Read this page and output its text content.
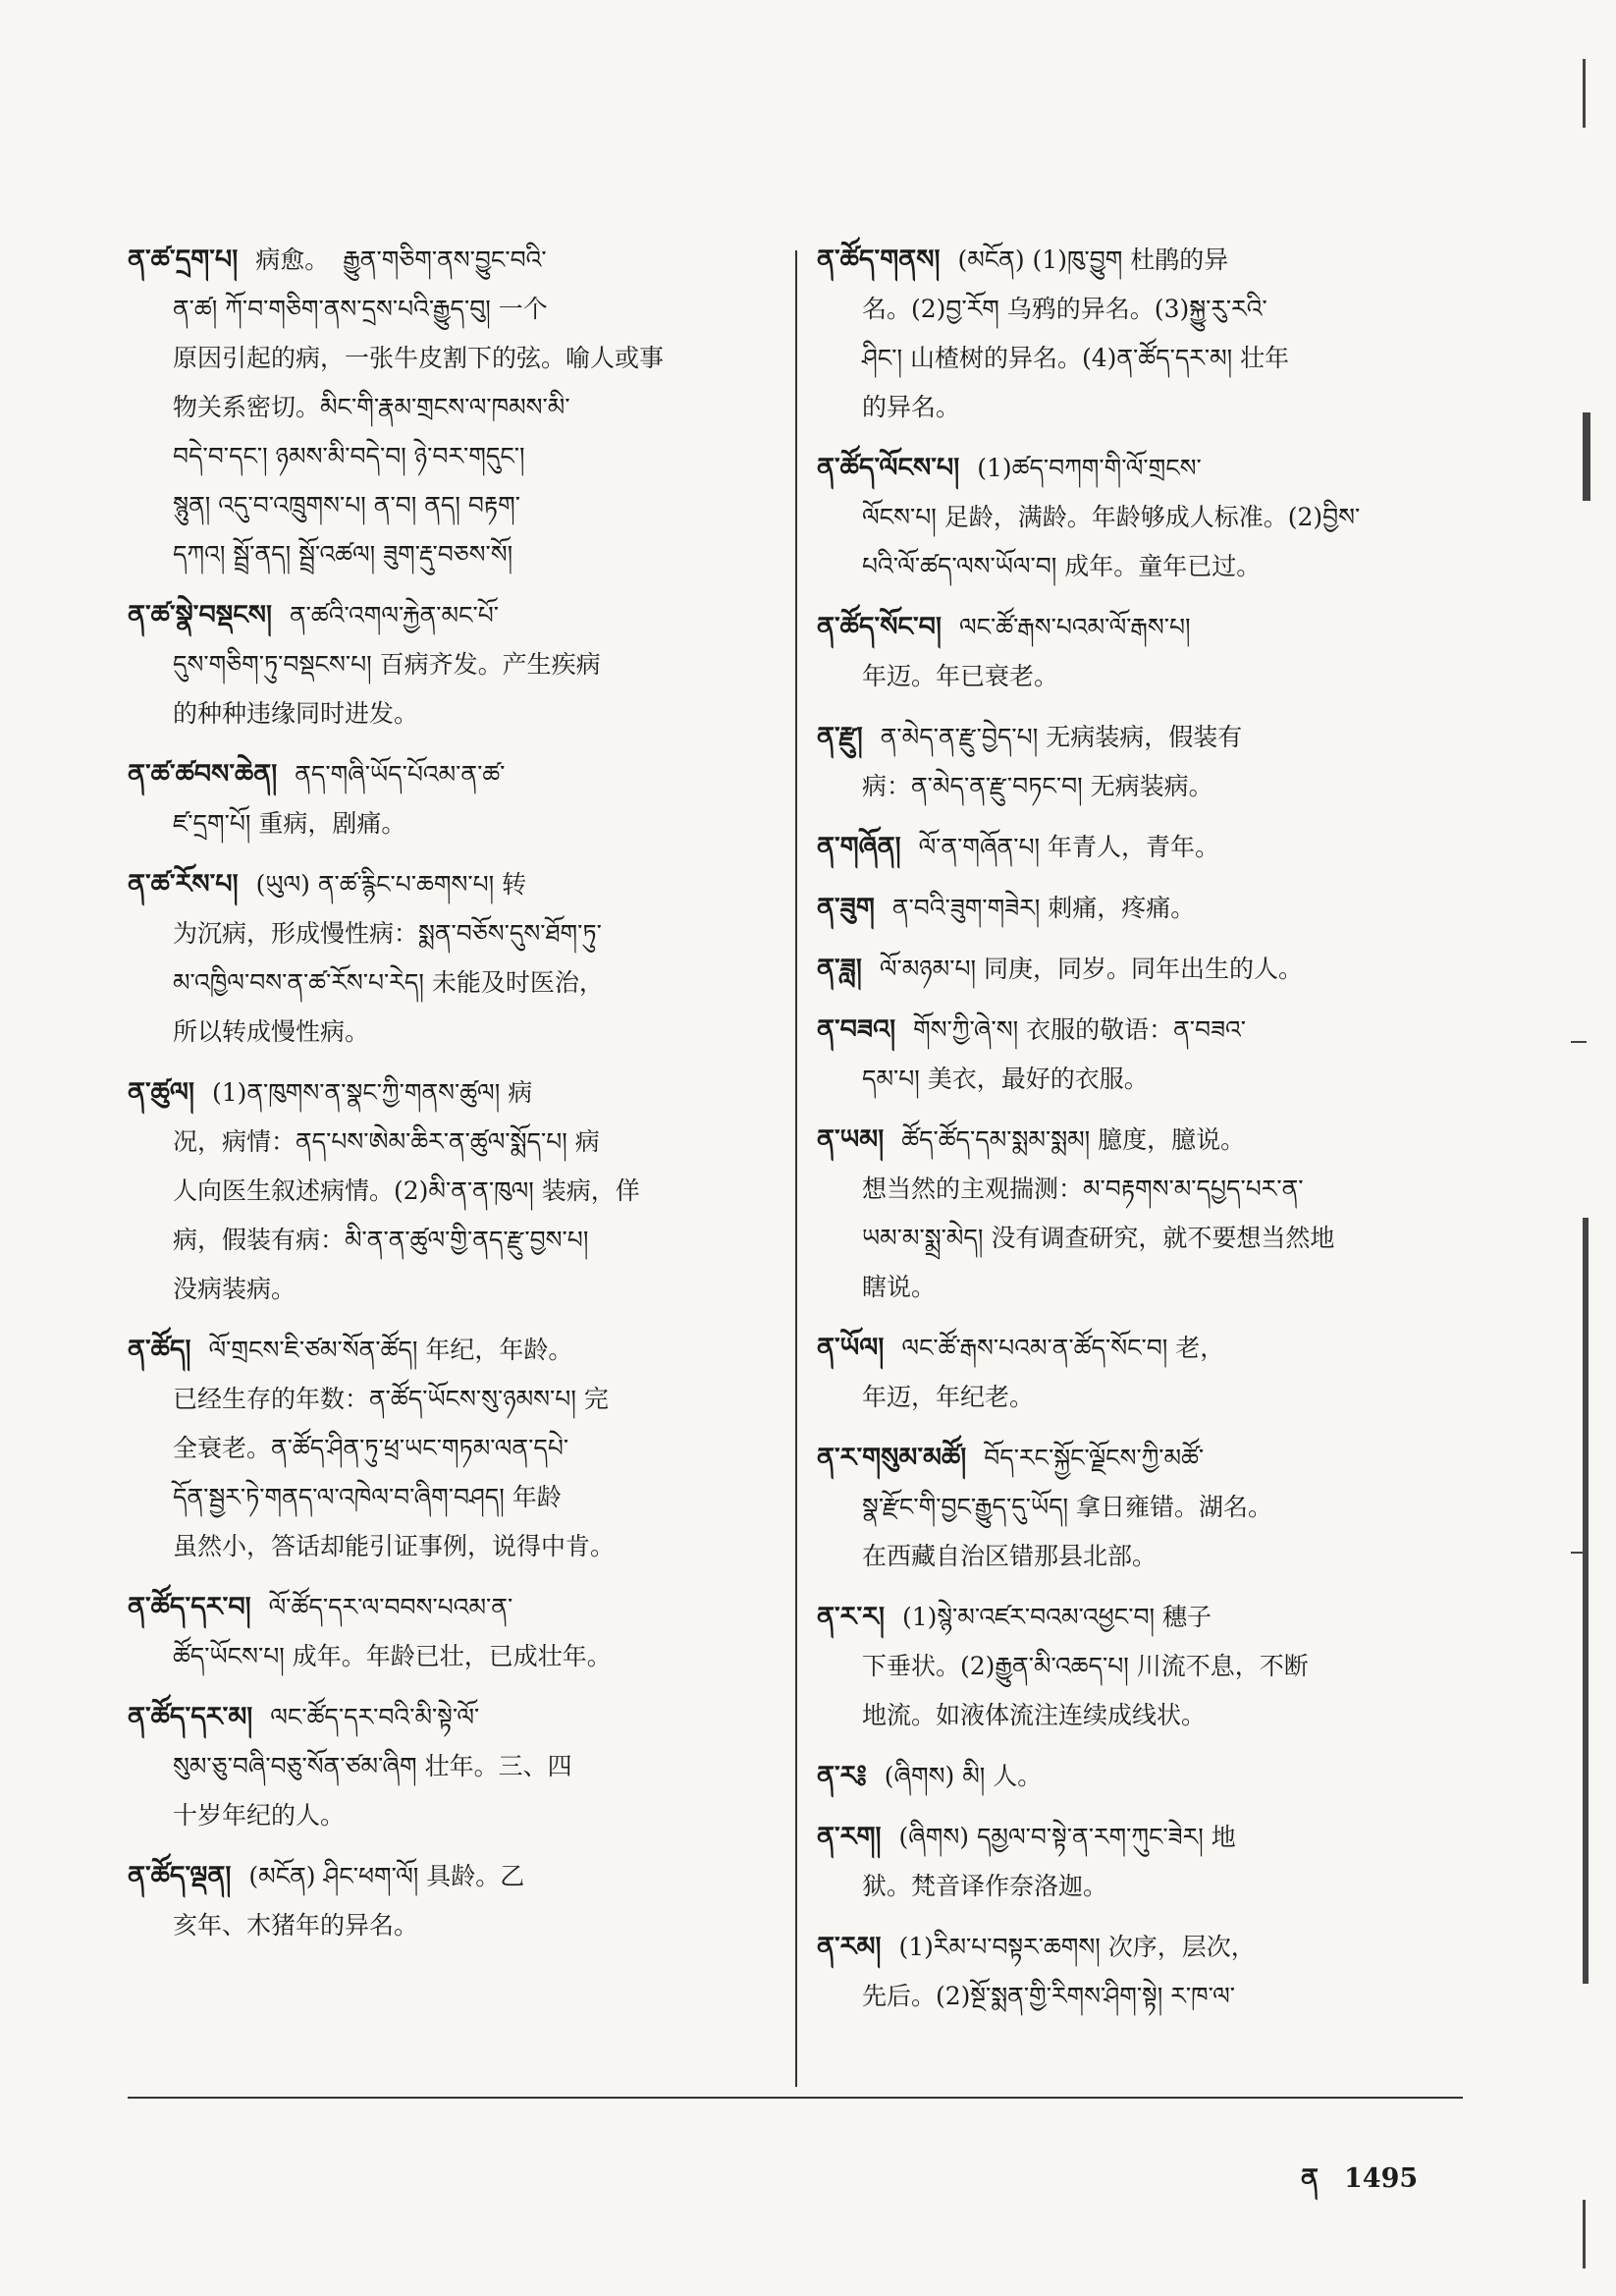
ན་ཚ་དྲག་པ། 病愈。 རྒྱུན་གཅིག་ནས་བྱུང་བའི་
ན་ཚ། ཀོ་བ་གཅིག་ནས་དྲས་པའི་རྒྱུད་བུ། 一个
原因引起的病，一张牛皮割下的弦。喻人或事
物关系密切。མིང་གི་རྣམ་གྲངས་ལ་ཁམས་མི་
བདེ་བ་དང་། ཉམས་མི་བདེ་བ། ཉེ་བར་གདུང་།
སྙུན། འདུ་བ་འཁྲུགས་པ། ན་བ། ནད། བརྟག་
དཀའ། སྦྲོ་ནད། སྦྲོ་འཚལ། ཟུག་རྡུ་བཅས་སོ།
ན་ཚ་སྣེ་བསྡངས། ན་ཚའི་འགལ་རྐྱེན་མང་པོ་
དུས་གཅིག་ཏུ་བསྡངས་པ། 百病齐发。产生疾病
的种种违缘同时进发。
ན་ཚ་ཚབས་ཆེན། ནད་གཞི་ཡོད་པོའམ་ན་ཚ་
ཛ་དྲག་པོ། 重病，剧痛。
ན་ཚ་རོས་པ། (ཡུལ) ན་ཚ་རྙིང་པ་ཆགས་པ། 转
为沉病，形成慢性病：སྨན་བཅོས་དུས་ཐོག་ཏུ་
མ་འཁྱིལ་བས་ན་ཚ་རོས་པ་རེད། 未能及时医治，
所以转成慢性病。
ན་ཚུལ། (1)ན་ཁུགས་ན་སྣང་ཀྱི་གནས་ཚུལ། 病
况，病情：ནད་པས་ཨེམ་ཆིར་ན་ཚུལ་སྨོད་པ། 病
人向医生叙述病情。(2)མི་ན་ན་ཁུལ། 装病，佯
病，假装有病：མི་ན་ན་ཚུལ་གྱི་ནད་རྫུ་བྱས་པ།
没病装病。
ན་ཚོད། ལོ་གྲངས་ཇི་ཙམ་སོན་ཚོད། 年纪，年龄。
已经生存的年数：ན་ཚོད་ཡོངས་སུ་ཉམས་པ། 完
全衰老。ན་ཚོད་ཤིན་ཏུ་ཕྲ་ཡང་གཏམ་ལན་དཔེ་
དོན་སྦྱར་ཏེ་གནད་ལ་འཁེལ་བ་ཞིག་བཤད། 年龄
虽然小，答话却能引证事例，说得中肯。
ན་ཚོད་དར་བ། ལོ་ཚོད་དར་ལ་བབས་པའམ་ན་
ཚོད་ཡོངས་པ། 成年。年龄已壮，已成壮年。
ན་ཚོད་དར་མ། ལང་ཚོད་དར་བའི་མི་སྟེ་ལོ་
སུམ་ཅུ་བཞི་བཅུ་སོན་ཙམ་ཞིག 壮年。三、四
十岁年纪的人。
ན་ཚོད་ལྡན། (མངོན) ཤིང་ཕག་ལོ། 具龄。乙
亥年、木猪年的异名。
ན་ཚོད་གནས། (མངོན) (1)ཁུ་བྱུག 杜鹃的异
名。(2)བྱ་རོག 乌鸦的异名。(3)སྐྱུ་རུ་རའི་
ཤིང་། 山楂树的异名。(4)ན་ཚོད་དར་མ། 壮年
的异名。
ན་ཚོད་ལོངས་པ། (1)ཚད་བཀག་གི་ལོ་གྲངས་
ལོངས་པ། 足龄，满龄。年龄够成人标准。(2)བྱིས་
པའི་ལོ་ཚད་ལས་ཡོལ་བ། 成年。童年已过。
ན་ཚོད་སོང་བ། ལང་ཚོ་རྒས་པའམ་ལོ་རྒས་པ།
年迈。年已衰老。
ན་རྫུ། ན་མེད་ན་རྫུ་བྱེད་པ། 无病装病，假装有
病：ན་མེད་ན་རྫུ་བཏང་བ། 无病装病。
ན་གཞོན། ལོ་ན་གཞོན་པ། 年青人，青年。
ན་ཟུག ན་བའི་ཟུག་གཟེར། 刺痛，疼痛。
ན་ཟླ། ལོ་མཉམ་པ། 同庚，同岁。同年出生的人。
ན་བཟའ། གོས་ཀྱི་ཞེ་ས། 衣服的敬语：ན་བཟའ་
དམ་པ། 美衣，最好的衣服。
ན་ཡམ། ཚོད་ཚོད་དམ་སྨམ་སྨམ། 臆度，臆说。
想当然的主观揣测：མ་བརྟགས་མ་དཔྱད་པར་ན་
ཡམ་མ་སྨྲ་མེད། 没有调查研究，就不要想当然地
瞎说。
ན་ཡོལ། ལང་ཚོ་རྒས་པའམ་ན་ཚོད་སོང་བ། 老，
年迈，年纪老。
ན་ར་གསུམ་མཚོ། བོད་རང་སྐྱོང་ལྗོངས་ཀྱི་མཚོ་
སྣ་རྫོང་གི་བྱང་རྒྱུད་དུ་ཡོད། 拿日雍错。湖名。
在西藏自治区错那县北部。
ན་ར་ར། (1)སྙེ་མ་འཛར་བའམ་འཕྱང་བ། 穗子
下垂状。(2)རྒྱུན་མི་འཆད་པ། 川流不息，不断
地流。如液体流注连续成线状。
ན་ར༔ (ཞིགས) མི། 人。
ན་རག། (ཞིགས) དམྱལ་བ་སྟེ་ན་རག་ཀུང་ཟེར། 地
狱。梵音译作奈洛迦。
ན་རམ། (1)རིམ་པ་བསྟར་ཆགས། 次序，层次，
先后。(2)སྔོ་སྨན་གྱི་རིགས་ཤིག་སྟེ། ར་ཁ་ལ་
ན 1495
